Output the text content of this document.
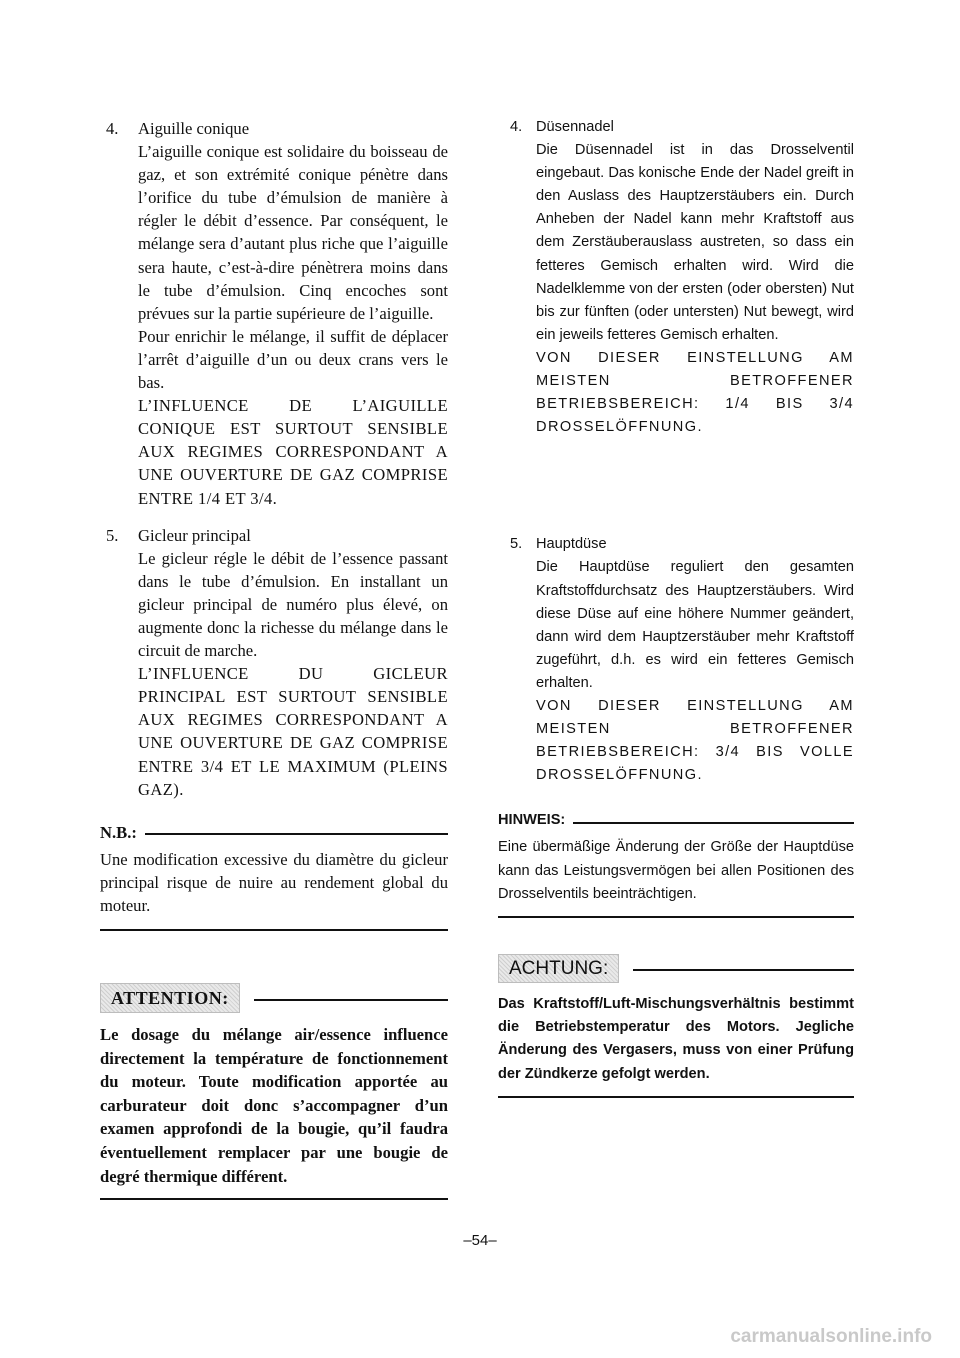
4.	Aiguille conique
L’aiguille conique est solidaire du boisseau de gaz, et son extrémité conique pénètre dans l’orifice du tube d’émulsion de manière à régler le débit d’essence. Par conséquent, le mélange sera d’autant plus riche que l’aiguille sera haute, c’est-à-dire pénètrera moins dans le tube d’émulsion. Cinq encoches sont prévues sur la partie supérieure de l’aiguille.
Pour enrichir le mélange, il suffit de déplacer l’arrêt d’aiguille d’un ou deux crans vers le bas.
L’INFLUENCE DE L’AIGUILLE CONIQUE EST SURTOUT SENSIBLE AUX REGIMES CORRESPONDANT A UNE OUVERTURE DE GAZ COMPRISE ENTRE 1/4 ET 3/4.
5.	Gicleur principal
Le gicleur régle le débit de l’essence passant dans le tube d’émulsion. En installant un gicleur principal de numéro plus élevé, on augmente donc la richesse du mélange dans le circuit de marche.
L’INFLUENCE DU GICLEUR PRINCIPAL EST SURTOUT SENSIBLE AUX REGIMES CORRESPONDANT A UNE OUVERTURE DE GAZ COMPRISE ENTRE 3/4 ET LE MAXIMUM (PLEINS GAZ).
N.B.:
Une modification excessive du diamètre du gicleur principal risque de nuire au rendement global du moteur.
ATTENTION:
Le dosage du mélange air/essence influence directement la température de fonctionnement du moteur. Toute modification apportée au carburateur doit donc s’accompagner d’un examen approfondi de la bougie, qu’il faudra éventuellement remplacer par une bougie de degré thermique différent.
4. Düsennadel
Die Düsennadel ist in das Drosselventil eingebaut. Das konische Ende der Nadel greift in den Auslass des Hauptzerstäubers ein. Durch Anheben der Nadel kann mehr Kraftstoff aus dem Zerstäuberauslass austreten, so dass ein fetteres Gemisch erhalten wird. Wird die Nadelklemme von der ersten (oder obersten) Nut bis zur fünften (oder untersten) Nut bewegt, wird ein jeweils fetteres Gemisch erhalten.
VON DIESER EINSTELLUNG AM MEISTEN BETROFFENER BETRIEBSBEREICH: 1/4 BIS 3/4 DROSSELÖFFNUNG.
5. Hauptdüse
Die Hauptdüse reguliert den gesamten Kraftstoffdurchsatz des Hauptzerstäubers. Wird diese Düse auf eine höhere Nummer geändert, dann wird dem Hauptzerstäuber mehr Kraftstoff zugeführt, d.h. es wird ein fetteres Gemisch erhalten.
VON DIESER EINSTELLUNG AM MEISTEN BETROFFENER BETRIEBSBEREICH: 3/4 BIS VOLLE DROSSELÖFFNUNG.
HINWEIS:
Eine übermäßige Änderung der Größe der Hauptdüse kann das Leistungsvermögen bei allen Positionen des Drosselventils beeinträchtigen.
ACHTUNG:
Das Kraftstoff/Luft-Mischungsverhältnis bestimmt die Betriebstemperatur des Motors. Jegliche Änderung des Vergasers, muss von einer Prüfung der Zündkerze gefolgt werden.
–54–
carmanualsonline.info
